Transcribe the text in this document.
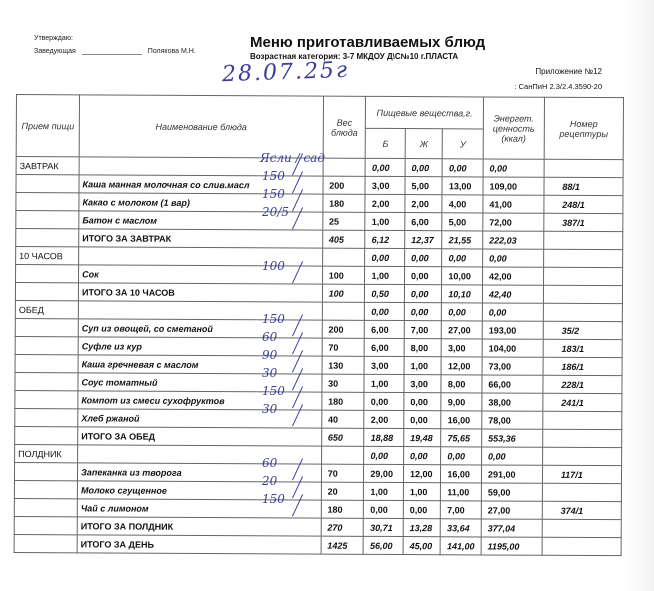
Утверждаю:
Заведующая	Полякова М.Н.
Меню приготавливаемых блюд
Возрастная категория: 3-7 МКДОУ Д\С№10 г.ПЛАСТА
Приложение №12
: СанПиН 2.3/2.4.3590-20
28.07.25г
Прием пищи	Наименование блюда	Вес блюда	Пищевые вещества,г.			Энергет. ценность (ккал)	Номер рецептуры
			Б	Ж	У		
ЗАВТРАК			0,00	0,00	0,00	0,00	
	Каша манная молочная со слив.масл	200	3,00	5,00	13,00	109,00	88/1
	Какао с молоком (1 вар)	180	2,00	2,00	4,00	41,00	248/1
	Батон с маслом	25	1,00	6,00	5,00	72,00	387/1
	ИТОГО ЗА ЗАВТРАК	405	6,12	12,37	21,55	222,03	
10 ЧАСОВ			0,00	0,00	0,00	0,00	
	Сок	100	1,00	0,00	10,00	42,00	
	ИТОГО ЗА 10 ЧАСОВ	100	0,50	0,00	10,10	42,40	
ОБЕД			0,00	0,00	0,00	0,00	
	Суп из овощей, со сметаной	200	6,00	7,00	27,00	193,00	35/2
	Суфле из кур	70	6,00	8,00	3,00	104,00	183/1
	Каша гречневая с маслом	130	3,00	1,00	12,00	73,00	186/1
	Соус томатный	30	1,00	3,00	8,00	66,00	228/1
	Компот из смеси сухофруктов	180	0,00	0,00	9,00	38,00	241/1
	Хлеб ржаной	40	2,00	0,00	16,00	78,00	
	ИТОГО ЗА ОБЕД	650	18,88	19,48	75,65	553,36	
ПОЛДНИК			0,00	0,00	0,00	0,00	
	Запеканка из творога	70	29,00	12,00	16,00	291,00	117/1
	Молоко сгущенное	20	1,00	1,00	11,00	59,00	
	Чай с лимоном	180	0,00	0,00	7,00	27,00	374/1
	ИТОГО ЗА ПОЛДНИК	270	30,71	13,28	33,64	377,04	
	ИТОГО ЗА ДЕНЬ	1425	56,00	45,00	141,00	1195,00	
Ясли / сад
150
150
20/5
100
150
60
90
30
150
30
60
20
150
